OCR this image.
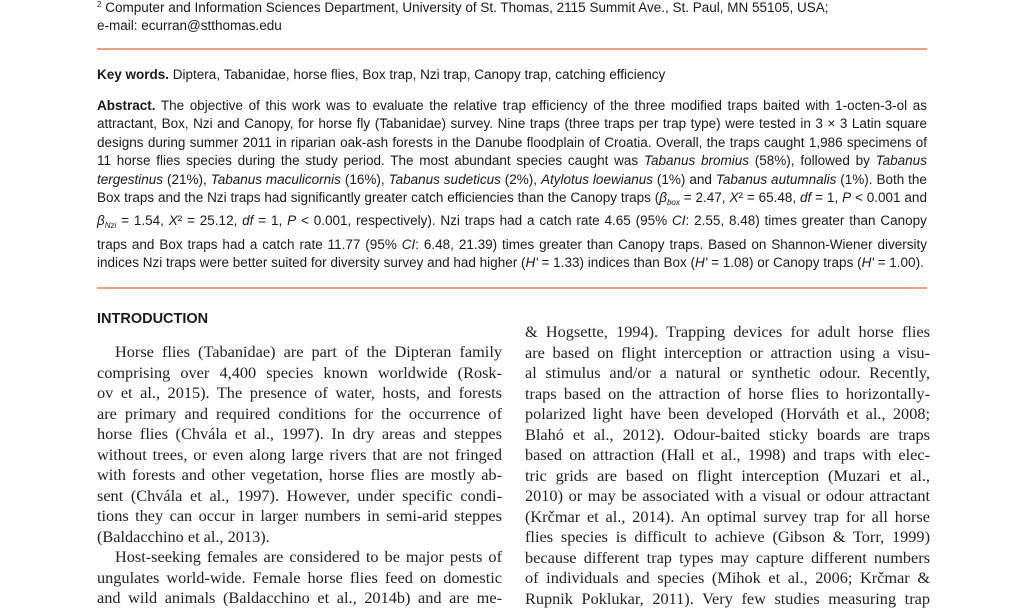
$^2$ Computer and Information Sciences Department, University of St. Thomas, 2115 Summit Ave., St. Paul, MN 55105, USA;
e-mail: ecurran@stthomas.edu
Key words. Diptera, Tabanidae, horse flies, Box trap, Nzi trap, Canopy trap, catching efficiency
Abstract. The objective of this work was to evaluate the relative trap efficiency of the three modified traps baited with 1-octen-3-ol as attractant, Box, Nzi and Canopy, for horse fly (Tabanidae) survey. Nine traps (three traps per trap type) were tested in 3 × 3 Latin square designs during summer 2011 in riparian oak-ash forests in the Danube floodplain of Croatia. Overall, the traps caught 1,986 specimens of 11 horse flies species during the study period. The most abundant species caught was Tabanus bromius (58%), followed by Tabanus tergestinus (21%), Tabanus maculicornis (16%), Tabanus sudeticus (2%), Atylotus loewianus (1%) and Tabanus autumnalis (1%). Both the Box traps and the Nzi traps had significantly greater catch efficiencies than the Canopy traps ($\beta_{box} = 2.47$, X² = 65.48, df = 1, P < 0.001 and $\beta_{Nzi} = 1.54$, X² = 25.12, df = 1, P < 0.001, respectively). Nzi traps had a catch rate 4.65 (95% CI: 2.55, 8.48) times greater than Canopy traps and Box traps had a catch rate 11.77 (95% CI: 6.48, 21.39) times greater than Canopy traps. Based on Shannon-Wiener diversity indices Nzi traps were better suited for diversity survey and had higher (H' = 1.33) indices than Box (H' = 1.08) or Canopy traps (H' = 1.00).
INTRODUCTION
Horse flies (Tabanidae) are part of the Dipteran family
comprising over 4,400 species known worldwide (Rosk-
ov et al., 2015). The presence of water, hosts, and forests
are primary and required conditions for the occurrence of
horse flies (Chvála et al., 1997). In dry areas and steppes
without trees, or even along large rivers that are not fringed
with forests and other vegetation, horse flies are mostly ab-
sent (Chvála et al., 1997). However, under specific condi-
tions they can occur in larger numbers in semi-arid steppes
(Baldacchino et al., 2013).
Host-seeking females are considered to be major pests of
ungulates world-wide. Female horse flies feed on domestic
and wild animals (Baldacchino et al., 2014b) and are me-
& Hogsette, 1994). Trapping devices for adult horse flies
are based on flight interception or attraction using a visu-
al stimulus and/or a natural or synthetic odour. Recently,
traps based on the attraction of horse flies to horizontally-
polarized light have been developed (Horváth et al., 2008;
Blahó et al., 2012). Odour-baited sticky boards are traps
based on attraction (Hall et al., 1998) and traps with elec-
tric grids are based on flight interception (Muzari et al.,
2010) or may be associated with a visual or odour attractant
(Krčmar et al., 2014). An optimal survey trap for all horse
flies species is difficult to achieve (Gibson & Torr, 1999)
because different trap types may capture different numbers
of individuals and species (Mihok et al., 2006; Krčmar &
Rupnik Poklukar, 2011). Very few studies measuring trap
